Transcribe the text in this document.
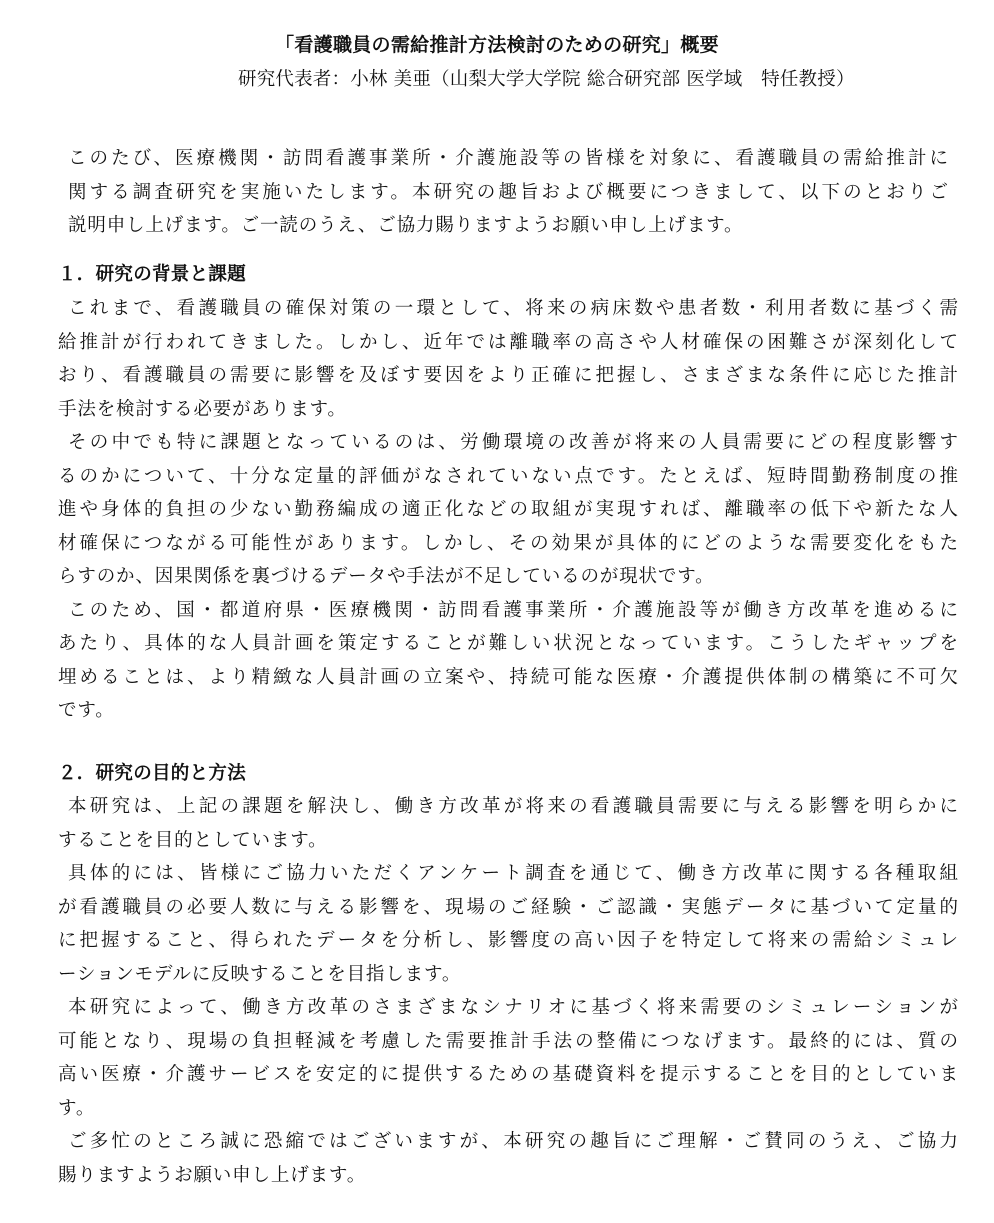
「看護職員の需給推計方法検討のための研究」概要
研究代表者：小林 美亜（山梨大学大学院 総合研究部 医学域　特任教授）
このたび、医療機関・訪問看護事業所・介護施設等の皆様を対象に、看護職員の需給推計に
関する調査研究を実施いたします。本研究の趣旨および概要につきまして、以下のとおりご
説明申し上げます。ご一読のうえ、ご協力賜りますようお願い申し上げます。
１．研究の背景と課題
これまで、看護職員の確保対策の一環として、将来の病床数や患者数・利用者数に基づく需
給推計が行われてきました。しかし、近年では離職率の高さや人材確保の困難さが深刻化して
おり、看護職員の需要に影響を及ぼす要因をより正確に把握し、さまざまな条件に応じた推計
手法を検討する必要があります。
その中でも特に課題となっているのは、労働環境の改善が将来の人員需要にどの程度影響す
るのかについて、十分な定量的評価がなされていない点です。たとえば、短時間勤務制度の推
進や身体的負担の少ない勤務編成の適正化などの取組が実現すれば、離職率の低下や新たな人
材確保につながる可能性があります。しかし、その効果が具体的にどのような需要変化をもた
らすのか、因果関係を裏づけるデータや手法が不足しているのが現状です。
このため、国・都道府県・医療機関・訪問看護事業所・介護施設等が働き方改革を進めるに
あたり、具体的な人員計画を策定することが難しい状況となっています。こうしたギャップを
埋めることは、より精緻な人員計画の立案や、持続可能な医療・介護提供体制の構築に不可欠
です。
２．研究の目的と方法
本研究は、上記の課題を解決し、働き方改革が将来の看護職員需要に与える影響を明らかに
することを目的としています。
具体的には、皆様にご協力いただくアンケート調査を通じて、働き方改革に関する各種取組
が看護職員の必要人数に与える影響を、現場のご経験・ご認識・実態データに基づいて定量的
に把握すること、得られたデータを分析し、影響度の高い因子を特定して将来の需給シミュレ
ーションモデルに反映することを目指します。
本研究によって、働き方改革のさまざまなシナリオに基づく将来需要のシミュレーションが
可能となり、現場の負担軽減を考慮した需要推計手法の整備につなげます。最終的には、質の
高い医療・介護サービスを安定的に提供するための基礎資料を提示することを目的としていま
す。
ご多忙のところ誠に恐縮ではございますが、本研究の趣旨にご理解・ご賛同のうえ、ご協力
賜りますようお願い申し上げます。
